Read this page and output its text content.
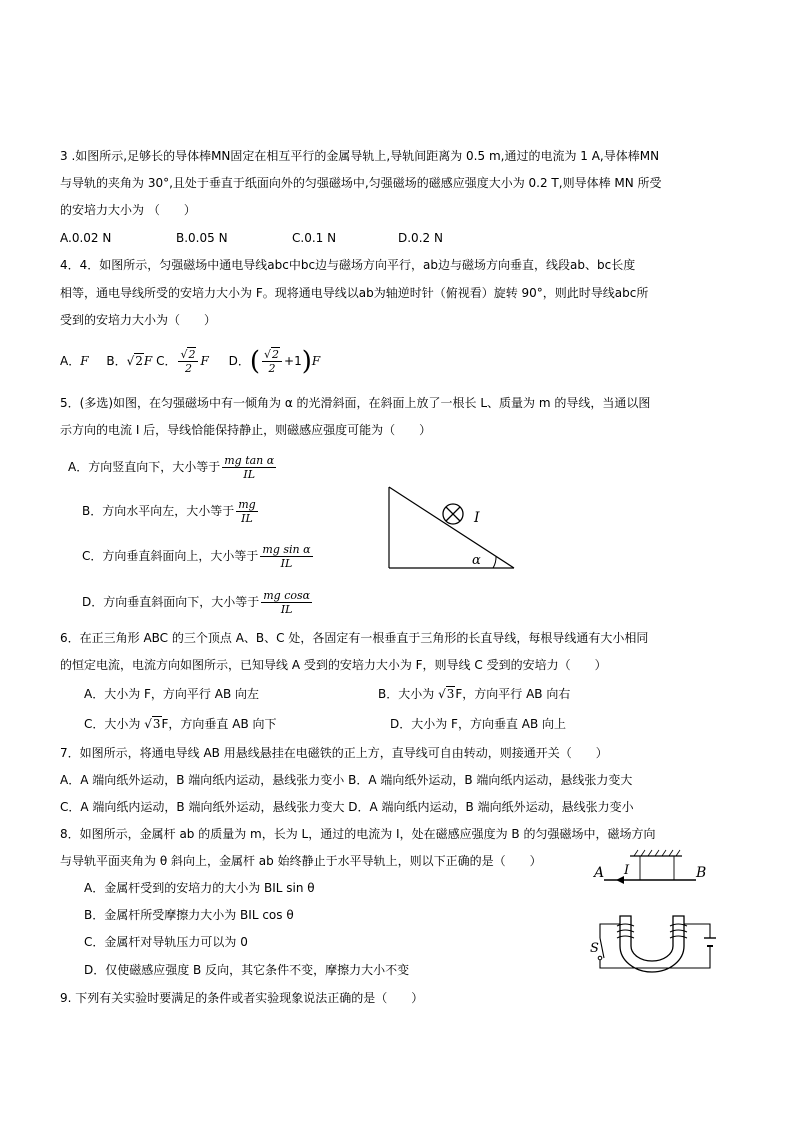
3 .如图所示,足够长的导体棒MN固定在相互平行的金属导轨上,导轨间距离为 0.5 m,通过的电流为 1 A,导体棒MN
与导轨的夹角为 30°,且处于垂直于纸面向外的匀强磁场中,匀强磁场的磁感应强度大小为 0.2 T,则导体棒 MN 所受
的安培力大小为 （　　）
A.0.02 N	B.0.05 N	C.0.1 N	D.0.2 N
4．4．如图所示，匀强磁场中通电导线abc中bc边与磁场方向平行，ab边与磁场方向垂直，线段ab、bc长度
相等，通电导线所受的安培力大小为 F。现将通电导线以ab为轴逆时针（俯视看）旋转 90°，则此时导线abc所
受到的安培力大小为（　　）
A．F B．√2F C． $\frac{√2}{2}$ F D．( $\frac{√2}{2} +1)F$
5．(多选)如图，在匀强磁场中有一倾角为 α 的光滑斜面，在斜面上放了一根长 L、质量为 m 的导线，当通以图
示方向的电流 I 后，导线恰能保持静止，则磁感应强度可能为（　　）
A．方向竖直向下，大小等于 $\frac{\text{mg tan α}}{IL}$
B．方向水平向左，大小等于 $\frac{mg}{IL}$
C．方向垂直斜面向上，大小等于 $\frac{\text{mg sin α}}{IL}$
D．方向垂直斜面向下，大小等于 $\frac{\text{mg cosα}}{IL}$
I
α
6．在正三角形 ABC 的三个顶点 A、B、C 处，各固定有一根垂直于三角形的长直导线，每根导线通有大小相同
的恒定电流，电流方向如图所示，已知导线 A 受到的安培力大小为 F，则导线 C 受到的安培力（　　）
A．大小为 F，方向平行 AB 向左	B．大小为 √3F，方向平行 AB 向右
C．大小为 √3F，方向垂直 AB 向下	D．大小为 F，方向垂直 AB 向上
7．如图所示，将通电导线 AB 用悬线悬挂在电磁铁的正上方，直导线可自由转动，则接通开关（　　）
A．A 端向纸外运动，B 端向纸内运动，悬线张力变小 B．A 端向纸外运动，B 端向纸内运动，悬线张力变大
C．A 端向纸内运动，B 端向纸外运动，悬线张力变大 D．A 端向纸内运动，B 端向纸外运动，悬线张力变小
8．如图所示，金属杆 ab 的质量为 m，长为 L，通过的电流为 I，处在磁感应强度为 B 的匀强磁场中，磁场方向
与导轨平面夹角为 θ 斜向上，金属杆 ab 始终静止于水平导轨上，则以下正确的是（　　）
A．金属杆受到的安培力的大小为 BIL sin θ
B．金属杆所受摩擦力大小为 BIL cos θ
C．金属杆对导轨压力可以为 0
D．仅使磁感应强度 B 反向，其它条件不变，摩擦力大小不变
A I	B
S
9. 下列有关实验时要满足的条件或者实验现象说法正确的是（　　）
